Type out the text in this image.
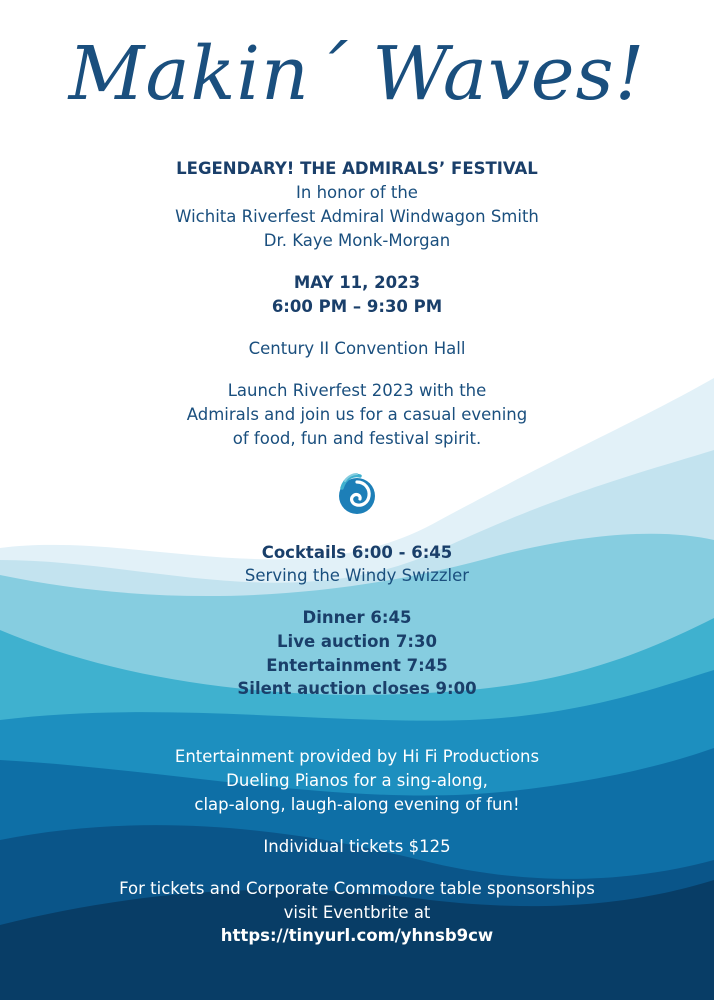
Makin´ Waves!
LEGENDARY! THE ADMIRALS’ FESTIVAL
In honor of the
Wichita Riverfest Admiral Windwagon Smith
Dr. Kaye Monk-Morgan
MAY 11, 2023
6:00 PM – 9:30 PM
Century II Convention Hall
Launch Riverfest 2023 with the
Admirals and join us for a casual evening
of food, fun and festival spirit.
Cocktails 6:00 - 6:45
Serving the Windy Swizzler
Dinner 6:45
Live auction 7:30
Entertainment 7:45
Silent auction closes 9:00
Entertainment provided by Hi Fi Productions
Dueling Pianos for a sing-along,
clap-along, laugh-along evening of fun!
Individual tickets $125
For tickets and Corporate Commodore table sponsorships
visit Eventbrite at
https://tinyurl.com/yhnsb9cw
